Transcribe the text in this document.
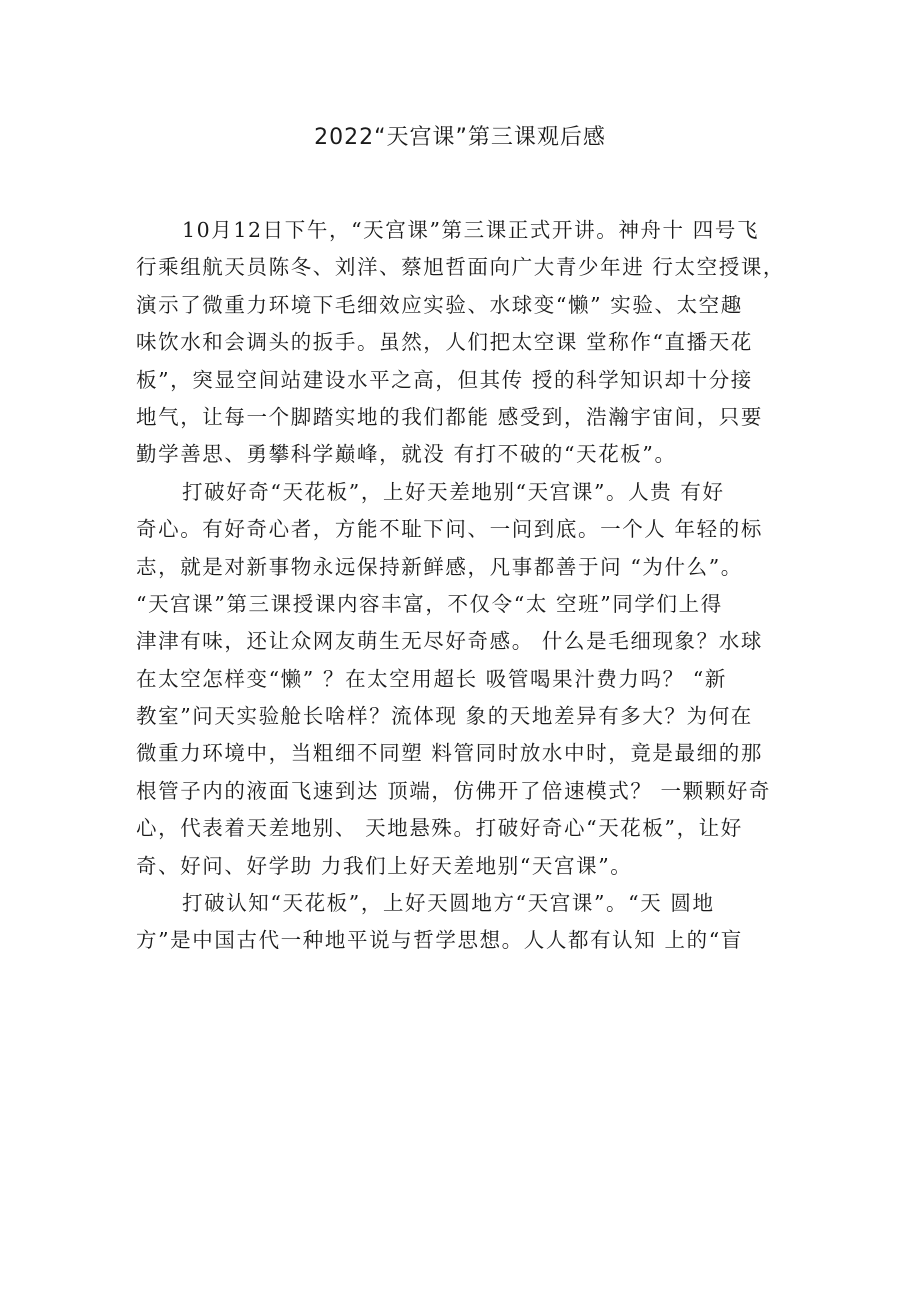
2022“天宫课”第三课观后感
10月12日下午，“天宫课”第三课正式开讲。神舟十 四号飞
行乘组航天员陈冬、刘洋、蔡旭哲面向广大青少年进 行太空授课，
演示了微重力环境下毛细效应实验、水球变“懒” 实验、太空趣
味饮水和会调头的扳手。虽然，人们把太空课 堂称作“直播天花
板”，突显空间站建设水平之高，但其传 授的科学知识却十分接
地气，让每一个脚踏实地的我们都能 感受到，浩瀚宇宙间，只要
勤学善思、勇攀科学巅峰，就没 有打不破的“天花板”。
打破好奇“天花板”，上好天差地别“天宫课”。人贵 有好
奇心。有好奇心者，方能不耻下问、一问到底。一个人 年轻的标
志，就是对新事物永远保持新鲜感，凡事都善于问 “为什么”。
“天宫课”第三课授课内容丰富，不仅令“太 空班”同学们上得
津津有味，还让众网友萌生无尽好奇感。 什么是毛细现象？水球
在太空怎样变“懒” ？在太空用超长 吸管喝果汁费力吗？ “新
教室”问天实验舱长啥样？流体现 象的天地差异有多大？为何在
微重力环境中，当粗细不同塑 料管同时放水中时，竟是最细的那
根管子内的液面飞速到达 顶端，仿佛开了倍速模式？ 一颗颗好奇
心，代表着天差地别、 天地悬殊。打破好奇心“天花板”，让好
奇、好问、好学助 力我们上好天差地别“天宫课”。
打破认知“天花板”，上好天圆地方“天宫课”。“天 圆地
方”是中国古代一种地平说与哲学思想。人人都有认知 上的“盲
